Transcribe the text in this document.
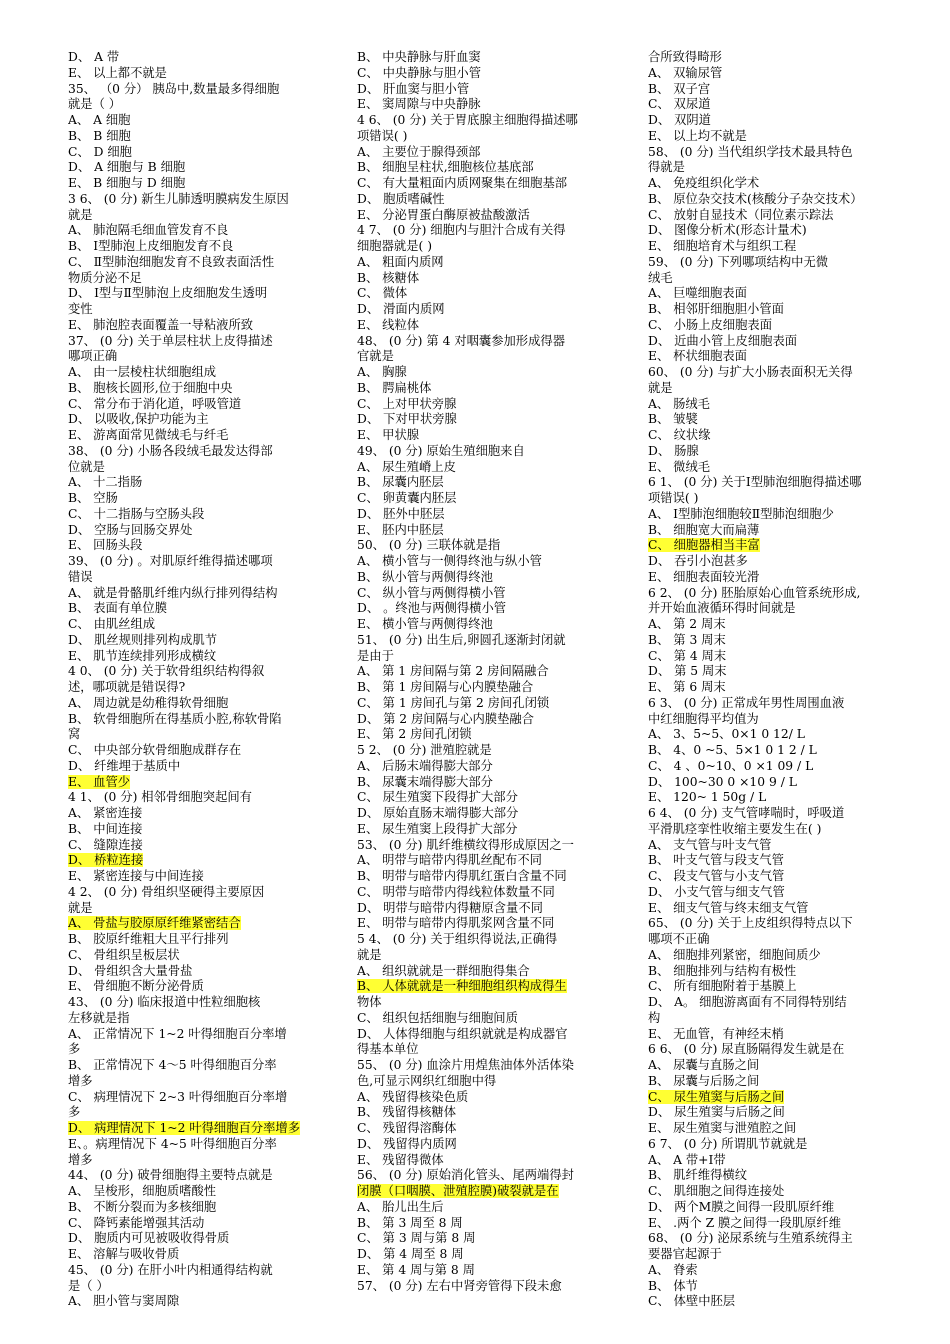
D、 A 带
E、 以上都不就是
35、 （0 分） 胰岛中,数量最多得细胞
就是（ ）
A、 A 细胞
B、 B 细胞
C、 D 细胞
D、 A 细胞与 B 细胞
E、 B 细胞与 D 细胞
3 6、 (0 分) 新生儿肺透明膜病发生原因
就是
A、 肺泡隔毛细血管发育不良
B、 Ⅰ型肺泡上皮细胞发育不良
C、 Ⅱ型肺泡细胞发育不良致表面活性
物质分泌不足
D、 Ⅰ型与Ⅱ型肺泡上皮细胞发生透明
变性
E、 肺泡腔表面覆盖一导粘液所致
37、 (0 分) 关于单层柱状上皮得描述
哪项正确
A、 由一层棱柱状细胞组成
B、 胞核长圆形,位于细胞中央
C、 常分布于消化道，呼吸管道
D、 以吸收,保护功能为主
E、 游离面常见微绒毛与纤毛
38、 (0 分) 小肠各段绒毛最发达得部
位就是
A、 十二指肠
B、 空肠
C、 十二指肠与空肠头段
D、 空肠与回肠交界处
E、 回肠头段
39、 (0 分) 。对肌原纤维得描述哪项
错误
A、 就是骨骼肌纤维内纵行排列得结构
B、 表面有单位膜
C、 由肌丝组成
D、 肌丝规则排列构成肌节
E、 肌节连续排列形成横纹
4 0、 (0 分) 关于软骨组织结构得叙
述，哪项就是错误得?
A、 周边就是幼稚得软骨细胞
B、 软骨细胞所在得基质小腔,称软骨陷
窝
C、 中央部分软骨细胞成群存在
D、 纤维埋于基质中
E、 血管少
4 1、 (0 分) 相邻骨细胞突起间有
A、 紧密连接
B、 中间连接
C、 缝隙连接
D、 桥粒连接
E、 紧密连接与中间连接
4 2、 (0 分) 骨组织坚硬得主要原因
就是
A、 骨盐与胶原原纤维紧密结合
B、 胶原纤维粗大且平行排列
C、 骨组织呈板层状
D、 骨组织含大量骨盐
E、 骨细胞不断分泌骨质
43、 (0 分) 临床报道中性粒细胞核
左移就是指
A、 正常情况下 1~2 叶得细胞百分率增
多
B、 正常情况下 4～5 叶得细胞百分率
增多
C、 病理情况下 2~3 叶得细胞百分率增
多
D、 病理情况下 1~2 叶得细胞百分率增多
E、。病理情况下 4~5 叶得细胞百分率
增多
44、 (0 分) 破骨细胞得主要特点就是
A、 呈梭形，细胞质嗜酸性
B、 不断分裂而为多核细胞
C、 降钙素能增强其活动
D、 胞质内可见被吸收得骨质
E、 溶解与吸收骨质
45、 (0 分) 在肝小叶内相通得结构就
是（ ）
A、 胆小管与窦周隙
B、 中央静脉与肝血窦
C、 中央静脉与胆小管
D、 肝血窦与胆小管
E、 窦周隙与中央静脉
4 6、 (0 分) 关于胃底腺主细胞得描述哪
项错误( )
A、 主要位于腺得颈部
B、 细胞呈柱状,细胞核位基底部
C、 有大量粗面内质网聚集在细胞基部
D、 胞质嗜碱性
E、 分泌胃蛋白酶原被盐酸激活
4 7、 (0 分) 细胞内与胆汁合成有关得
细胞器就是( )
A、 粗面内质网
B、 核糖体
C、 微体
D、 滑面内质网
E、 线粒体
48、 (0 分) 第 4 对咽囊参加形成得器
官就是
A、 胸腺
B、 腭扁桃体
C、 上对甲状旁腺
D、 下对甲状旁腺
E、 甲状腺
49、 (0 分) 原始生殖细胞来自
A、 尿生殖嵴上皮
B、 尿囊内胚层
C、 卵黄囊内胚层
D、 胚外中胚层
E、 胚内中胚层
50、 (0 分) 三联体就是指
A、 横小管与一侧得终池与纵小管
B、 纵小管与两侧得终池
C、 纵小管与两侧得横小管
D、 。终池与两侧得横小管
E、 横小管与两侧得终池
51、 (0 分) 出生后,卵圆孔逐渐封闭就
是由于
A、 第 1 房间隔与第 2 房间隔融合
B、 第 1 房间隔与心内膜垫融合
C、 第 1 房间孔与第 2 房间孔闭锁
D、 第 2 房间隔与心内膜垫融合
E、 第 2 房间孔闭锁
5 2、 (0 分) 泄殖腔就是
A、 后肠末端得膨大部分
B、 尿囊末端得膨大部分
C、 尿生殖窦下段得扩大部分
D、 原始直肠末端得膨大部分
E、 尿生殖窦上段得扩大部分
53、 (0 分) 肌纤维横纹得形成原因之一
A、 明带与暗带内得肌丝配布不同
B、 明带与暗带内得肌红蛋白含量不同
C、 明带与暗带内得线粒体数量不同
D、 明带与暗带内得糖原含量不同
E、 明带与暗带内得肌浆网含量不同
5 4、 (0 分) 关于组织得说法,正确得
就是
A、 组织就就是一群细胞得集合
B、 人体就就是一种细胞组织构成得生
物体
C、 组织包括细胞与细胞间质
D、 人体得细胞与组织就就是构成器官
得基本单位
55、 (0 分) 血涂片用煌焦油体外活体染
色,可显示网织红细胞中得
A、 残留得核染色质
B、 残留得核糖体
C、 残留得溶酶体
D、 残留得内质网
E、 残留得微体
56、 (0 分) 原始消化管头、尾两端得封
闭膜（口咽膜、泄殖腔膜)破裂就是在
A、 胎儿出生后
B、 第 3 周至 8 周
C、 第 3 周与第 8 周
D、 第 4 周至 8 周
E、 第 4 周与第 8 周
57、 (0 分) 左右中肾旁管得下段未愈
合所致得畸形
A、 双输尿管
B、 双子宫
C、 双尿道
D、 双阴道
E、 以上均不就是
58、 (0 分) 当代组织学技术最具特色
得就是
A、 免疫组织化学术
B、 原位杂交技术(核酸分子杂交技术）
C、 放射自显技术（同位素示踪法
D、 图像分析术(形态计量术)
E、 细胞培育术与组织工程
59、 (0 分) 下列哪项结构中无微
绒毛
A、 巨噬细胞表面
B、 相邻肝细胞胆小管面
C、 小肠上皮细胞表面
D、 近曲小管上皮细胞表面
E、 杯状细胞表面
60、 (0 分) 与扩大小肠表面积无关得
就是
A、 肠绒毛
B、 皱襞
C、 纹状缘
D、 肠腺
E、 微绒毛
6 1、 (0 分) 关于Ⅰ型肺泡细胞得描述哪
项错误( )
A、 Ⅰ型肺泡细胞较Ⅱ型肺泡细胞少
B、 细胞宽大而扁薄
C、 细胞器相当丰富
D、 吞引小泡甚多
E、 细胞表面较光滑
6 2、 (0 分) 胚胎原始心血管系统形成,
并开始血液循环得时间就是
A、 第 2 周末
B、 第 3 周末
C、 第 4 周末
D、 第 5 周末
E、 第 6 周末
6 3、 (0 分) 正常成年男性周围血液
中红细胞得平均值为
A、 3、5~5、0×1 0 12/ L
B、 4、0 ~5、5×1 0 1 2 / L
C、 4 、0~10、0 ×1 09 / L
D、 100~30 0 ×10 9 / L
E、 120~ 1 50g / L
6 4、 (0 分) 支气管哮喘时，呼吸道
平滑肌痉挛性收缩主要发生在( )
A、 支气管与叶支气管
B、 叶支气管与段支气管
C、 段支气管与小支气管
D、 小支气管与细支气管
E、 细支气管与终末细支气管
65、 (0 分) 关于上皮组织得特点以下
哪项不正确
A、 细胞排列紧密，细胞间质少
B、 细胞排列与结构有极性
C、 所有细胞附着于基膜上
D、 A。 细胞游离面有不同得特别结
构
E、 无血管，有神经末梢
6 6、 (0 分) 尿直肠隔得发生就是在
A、 尿囊与直肠之间
B、 尿囊与后肠之间
C、 尿生殖窦与后肠之间
D、 尿生殖窦与后肠之间
E、 尿生殖窦与泄殖腔之间
6 7、 (0 分) 所谓肌节就就是
A、 A 带+Ⅰ带
B、 肌纤维得横纹
C、 肌细胞之间得连接处
D、 两个M膜之间得一段肌原纤维
E、 .两个 Z 膜之间得一段肌原纤维
68、 (0 分) 泌尿系统与生殖系统得主
要器官起源于
A、 脊索
B、 体节
C、 体壁中胚层
